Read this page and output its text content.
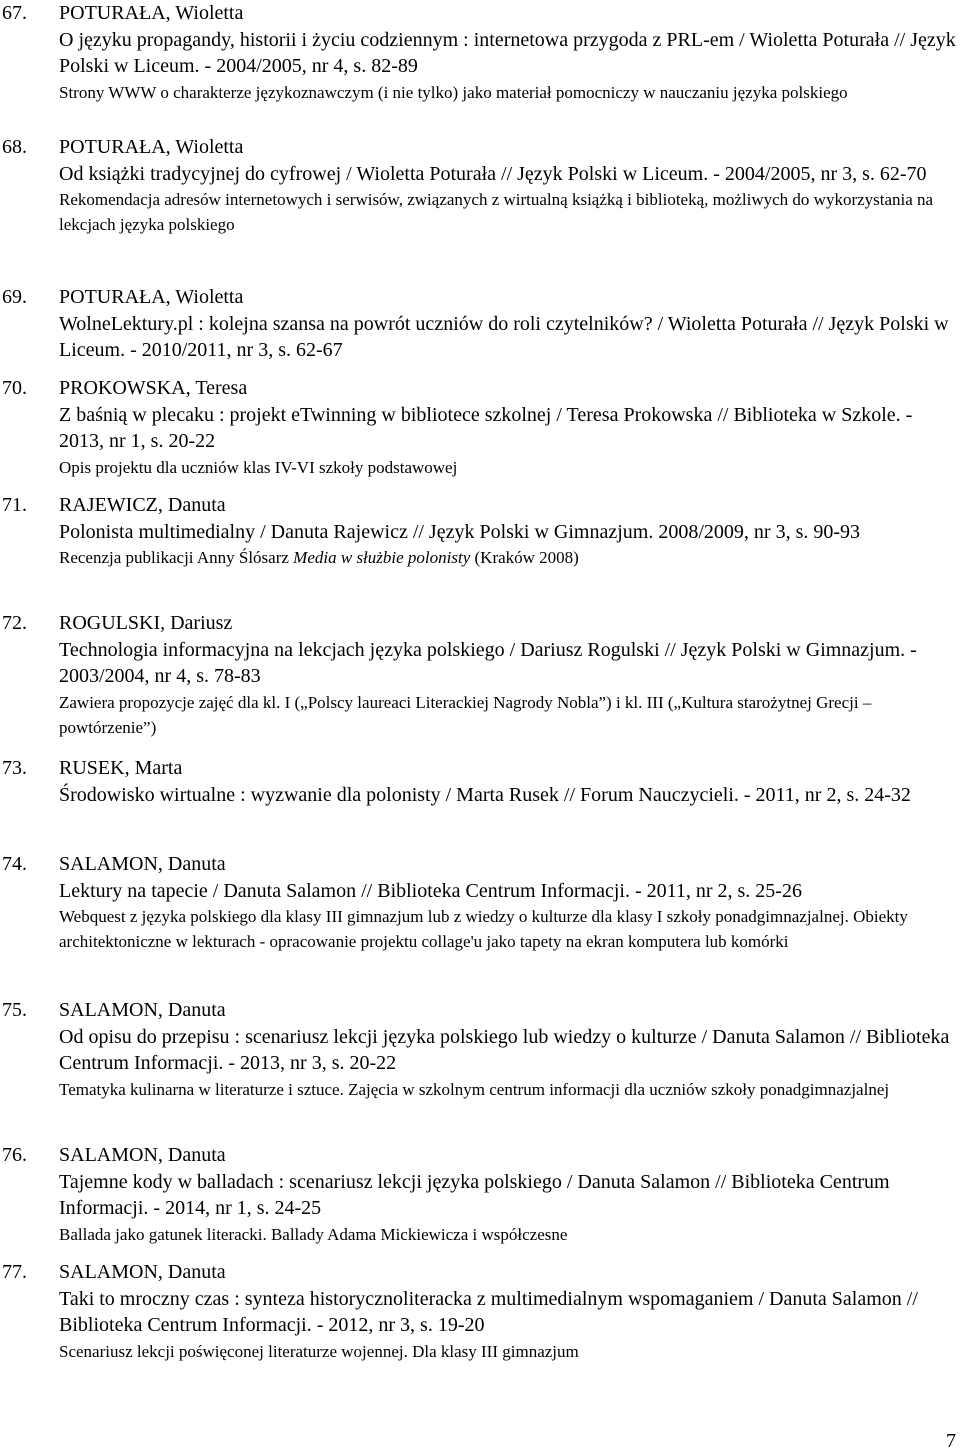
67. POTURAŁA, Wioletta
O języku propagandy, historii i życiu codziennym : internetowa przygoda z PRL-em / Wioletta Poturała // Język Polski w Liceum. - 2004/2005, nr 4, s. 82-89
Strony WWW o charakterze językoznawczym (i nie tylko) jako materiał pomocniczy w nauczaniu języka polskiego
68. POTURAŁA, Wioletta
Od książki tradycyjnej do cyfrowej / Wioletta Poturała // Język Polski w Liceum. - 2004/2005, nr 3, s. 62-70
Rekomendacja adresów internetowych i serwisów, związanych z wirtualną książką i biblioteką, możliwych do wykorzystania na lekcjach języka polskiego
69. POTURAŁA, Wioletta
WolneLektury.pl : kolejna szansa na powrót uczniów do roli czytelników? / Wioletta Poturała // Język Polski w Liceum. - 2010/2011, nr 3, s. 62-67
70. PROKOWSKA, Teresa
Z baśnią w plecaku : projekt eTwinning w bibliotece szkolnej / Teresa Prokowska // Biblioteka w Szkole. - 2013, nr 1, s. 20-22
Opis projektu dla uczniów klas IV-VI szkoły podstawowej
71. RAJEWICZ, Danuta
Polonista multimedialny / Danuta Rajewicz // Język Polski w Gimnazjum. 2008/2009, nr 3, s. 90-93
Recenzja publikacji Anny Ślósarz Media w służbie polonisty (Kraków 2008)
72. ROGULSKI, Dariusz
Technologia informacyjna na lekcjach języka polskiego / Dariusz Rogulski // Język Polski w Gimnazjum. - 2003/2004, nr 4, s. 78-83
Zawiera propozycje zajęć dla kl. I („Polscy laureaci Literackiej Nagrody Nobla”) i kl. III („Kultura starożytnej Grecji – powtórzenie”)
73. RUSEK, Marta
Środowisko wirtualne : wyzwanie dla polonisty / Marta Rusek // Forum Nauczycieli. - 2011, nr 2, s. 24-32
74. SALAMON, Danuta
Lektury na tapecie / Danuta Salamon // Biblioteka Centrum Informacji. - 2011, nr 2, s. 25-26
Webquest z języka polskiego dla klasy III gimnazjum lub z wiedzy o kulturze dla klasy I szkoły ponadgimnazjalnej. Obiekty architektoniczne w lekturach - opracowanie projektu collage'u jako tapety na ekran komputera lub komórki
75. SALAMON, Danuta
Od opisu do przepisu : scenariusz lekcji języka polskiego lub wiedzy o kulturze / Danuta Salamon // Biblioteka Centrum Informacji. - 2013, nr 3, s. 20-22
Tematyka kulinarna w literaturze i sztuce. Zajęcia w szkolnym centrum informacji dla uczniów szkoły ponadgimnazjalnej
76. SALAMON, Danuta
Tajemne kody w balladach : scenariusz lekcji języka polskiego / Danuta Salamon // Biblioteka Centrum Informacji. - 2014, nr 1, s. 24-25
Ballada jako gatunek literacki. Ballady Adama Mickiewicza i współczesne
77. SALAMON, Danuta
Taki to mroczny czas : synteza historycznoliteracka z multimedialnym wspomaganiem / Danuta Salamon // Biblioteka Centrum Informacji. - 2012, nr 3, s. 19-20
Scenariusz lekcji poświęconej literaturze wojennej. Dla klasy III gimnazjum
7
